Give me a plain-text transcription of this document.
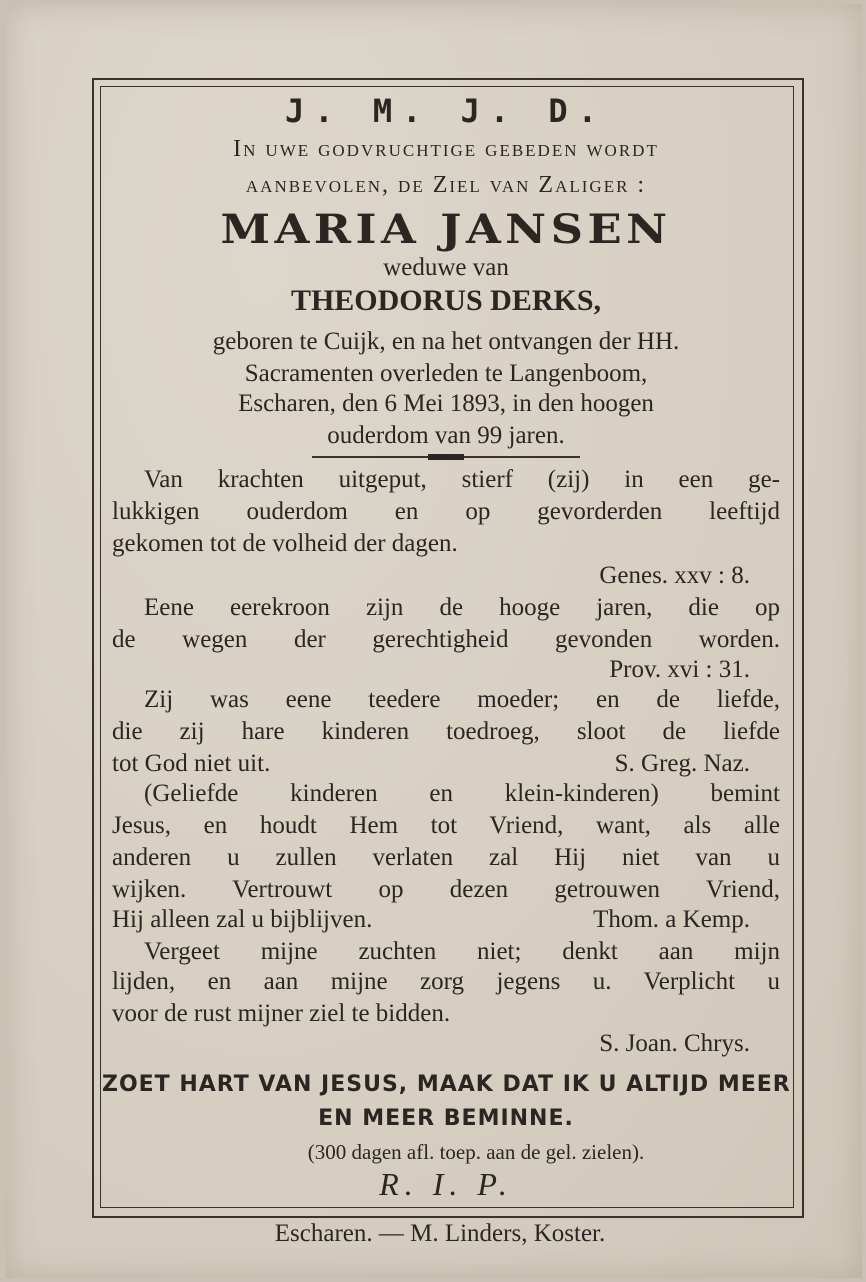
J. M. J. D.
In uwe godvruchtige gebeden wordt
aanbevolen, de Ziel van Zaliger :
MARIA JANSEN
weduwe van
THEODORUS DERKS,
geboren te Cuijk, en na het ontvangen der HH.
Sacramenten overleden te Langenboom,
Escharen, den 6 Mei 1893, in den hoogen
ouderdom van 99 jaren.
Van krachten uitgeput, stierf (zij) in een ge-
lukkigen ouderdom en op gevorderden leeftijd
gekomen tot de volheid der dagen.
Genes. xxv : 8.
Eene eerekroon zijn de hooge jaren, die op
de wegen der gerechtigheid gevonden worden.
Prov. xvi : 31.
Zij was eene teedere moeder; en de liefde,
die zij hare kinderen toedroeg, sloot de liefde
tot God niet uit.	S. Greg. Naz.
(Geliefde kinderen en klein-kinderen) bemint
Jesus, en houdt Hem tot Vriend, want, als alle
anderen u zullen verlaten zal Hij niet van u
wijken. Vertrouwt op dezen getrouwen Vriend,
Hij alleen zal u bijblijven.	Thom. a Kemp.
Vergeet mijne zuchten niet; denkt aan mijn
lijden, en aan mijne zorg jegens u. Verplicht u
voor de rust mijner ziel te bidden.
S. Joan. Chrys.
ZOET HART VAN JESUS, MAAK DAT IK U ALTIJD MEER
EN MEER BEMINNE.
(300 dagen afl. toep. aan de gel. zielen).
R. I. P.
Escharen. — M. Linders, Koster.
